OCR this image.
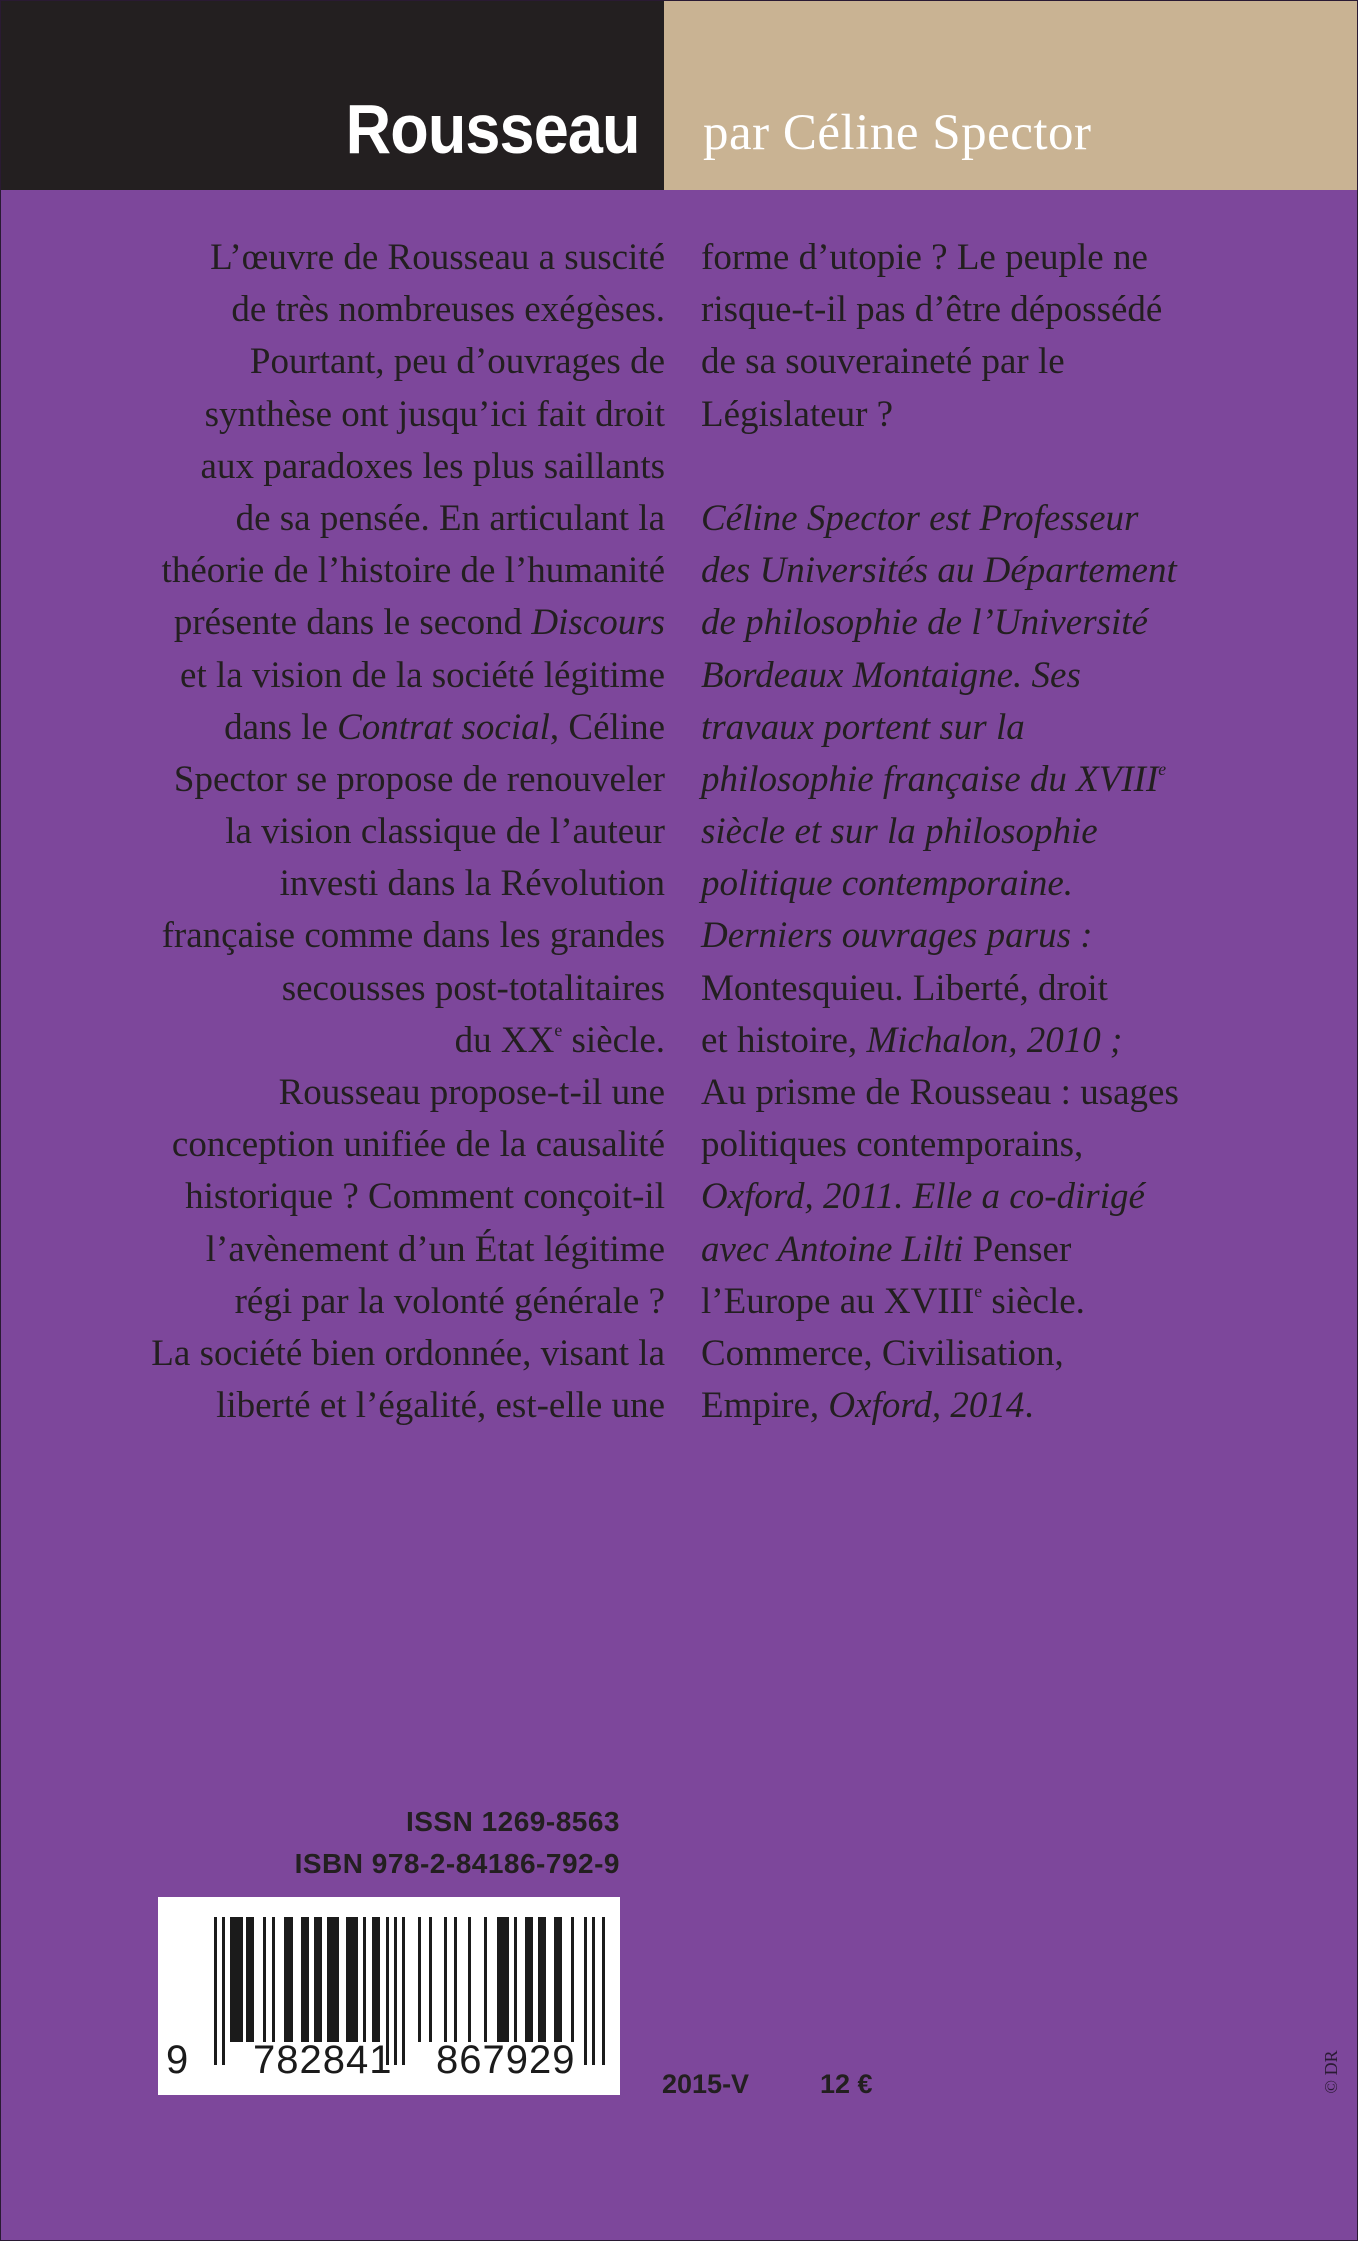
Rousseau par Céline Spector
L’œuvre de Rousseau a suscité
de très nombreuses exégèses.
Pourtant, peu d’ouvrages de
synthèse ont jusqu’ici fait droit
aux paradoxes les plus saillants
de sa pensée. En articulant la
théorie de l’histoire de l’humanité
présente dans le second Discours
et la vision de la société légitime
dans le Contrat social, Céline
Spector se propose de renouveler
la vision classique de l’auteur
investi dans la Révolution
française comme dans les grandes
secousses post-totalitaires
du XXe siècle.
Rousseau propose-t-il une
conception unifiée de la causalité
historique ? Comment conçoit-il
l’avènement d’un État légitime
régi par la volonté générale ?
La société bien ordonnée, visant la
liberté et l’égalité, est-elle une
forme d’utopie ? Le peuple ne
risque-t-il pas d’être dépossédé
de sa souveraineté par le
Législateur ?

Céline Spector est Professeur
des Universités au Département
de philosophie de l’Université
Bordeaux Montaigne. Ses
travaux portent sur la
philosophie française du XVIIIe
siècle et sur la philosophie
politique contemporaine.
Derniers ouvrages parus :
Montesquieu. Liberté, droit
et histoire, Michalon, 2010 ;
Au prisme de Rousseau : usages
politiques contemporains,
Oxford, 2011. Elle a co-dirigé
avec Antoine Lilti Penser
l’Europe au XVIIIe siècle.
Commerce, Civilisation,
Empire, Oxford, 2014.
ISSN 1269-8563
ISBN 978-2-84186-792-9
9 782841 867929
2015-V	12 €	© DR
